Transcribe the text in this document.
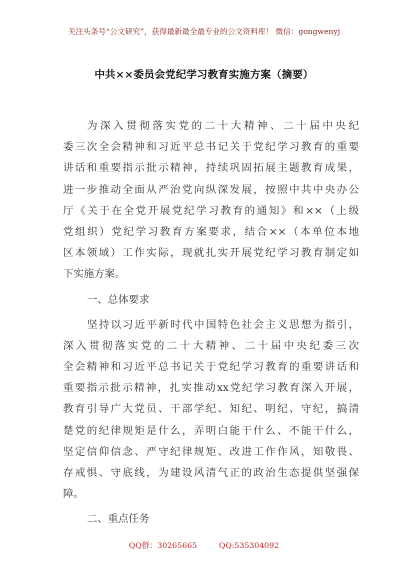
关注头条号“公文研究”，获得最新最全最专业的公文资料库！ 微信：gongwenyj
中共××委员会党纪学习教育实施方案（摘要）
为深入贯彻落实党的二十大精神、二十届中央纪
委三次全会精神和习近平总书记关于党纪学习教育的重要
讲话和重要指示批示精神，持续巩固拓展主题教育成果，
进一步推动全面从严治党向纵深发展，按照中共中央办公
厅《关于在全党开展党纪学习教育的通知》和××（上级
党组织）党纪学习教育方案要求，结合××（本单位本地
区本领域）工作实际，现就扎实开展党纪学习教育制定如
下实施方案。
一、总体要求
坚持以习近平新时代中国特色社会主义思想为指引，
深入贯彻落实党的二十大精神、二十届中央纪委三次
全会精神和习近平总书记关于党纪学习教育的重要讲话和
重要指示批示精神，扎实推动xx党纪学习教育深入开展，
教育引导广大党员、干部学纪、知纪、明纪、守纪，搞清
楚党的纪律规矩是什么，弄明白能干什么、不能干什么，
坚定信仰信念、严守纪律规矩、改进工作作风，知敬畏、
存戒惧、守底线，为建设风清气正的政治生态提供坚强保
障。
二、重点任务
QQ群：30265665	QQ:535304092
